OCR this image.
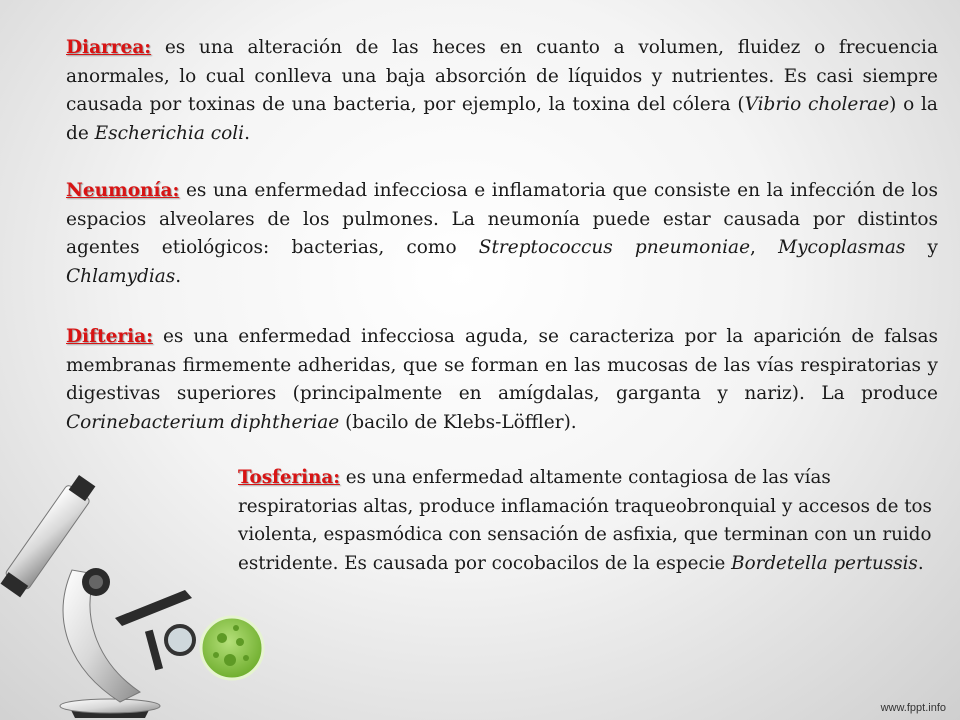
Diarrea: es una alteración de las heces en cuanto a volumen, fluidez o frecuencia anormales, lo cual conlleva una baja absorción de líquidos y nutrientes. Es casi siempre causada por toxinas de una bacteria, por ejemplo, la toxina del cólera (Vibrio cholerae) o la de Escherichia coli.

Neumonía: es una enfermedad infecciosa e inflamatoria que consiste en la infección de los espacios alveolares de los pulmones. La neumonía puede estar causada por distintos agentes etiológicos: bacterias, como Streptococcus pneumoniae, Mycoplasmas y Chlamydias.

Difteria: es una enfermedad infecciosa aguda, se caracteriza por la aparición de falsas membranas firmemente adheridas, que se forman en las mucosas de las vías respiratorias y digestivas superiores (principalmente en amígdalas, garganta y nariz). La produce Corinebacterium diphtheriae (bacilo de Klebs-Löffler).

Tosferina: es una enfermedad altamente contagiosa de las vías respiratorias altas, produce inflamación traqueobronquial y accesos de tos violenta, espasmódica con sensación de asfixia, que terminan con un ruido estridente. Es causada por cocobacilos de la especie Bordetella pertussis.

www.fppt.info
